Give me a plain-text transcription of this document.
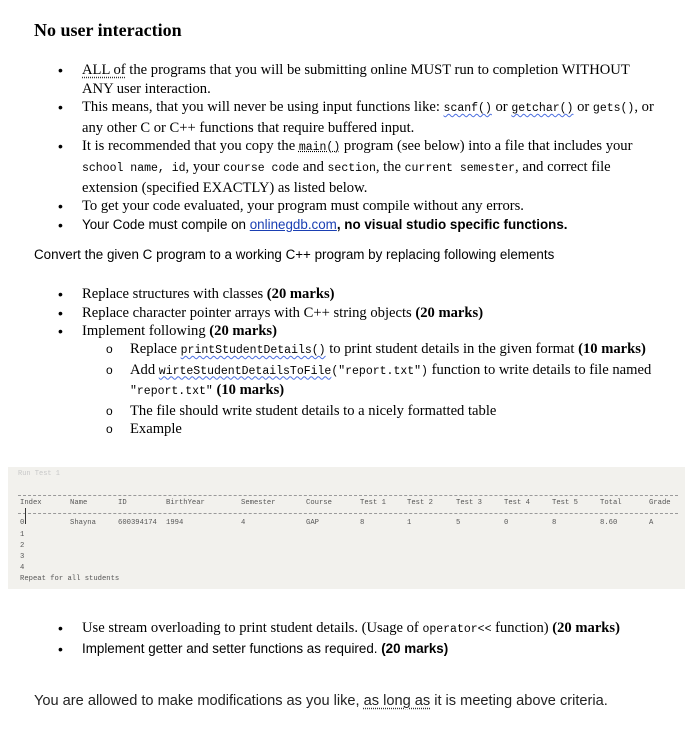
No user interaction
• ALL of the programs that you will be submitting online MUST run to completion WITHOUT ANY user interaction.
• This means, that you will never be using input functions like: scanf() or getchar() or gets(), or any other C or C++ functions that require buffered input.
• It is recommended that you copy the main() program (see below) into a file that includes your school name, id, your course code and section, the current semester, and correct file extension (specified EXACTLY) as listed below.
• To get your code evaluated, your program must compile without any errors.
• Your Code must compile on onlinegdb.com, no visual studio specific functions.
Convert the given C program to a working C++ program by replacing following elements
• Replace structures with classes (20 marks)
• Replace character pointer arrays with C++ string objects (20 marks)
• Implement following (20 marks)
o Replace printStudentDetails() to print student details in the given format (10 marks)
o Add wirteStudentDetailsToFile("report.txt") function to write details to file named "report.txt" (10 marks)
o The file should write student details to a nicely formatted table
o Example
Run Test 1
Index	Name	ID	BirthYear	Semester	Course	Test 1	Test 2	Test 3	Test 4	Test 5	Total	Grade
0	Shayna	600394174 1994	4	GAP	8	1	5	0	8	8.60	A
1
2
3
4
Repeat for all students
• Use stream overloading to print student details. (Usage of operator<< function) (20 marks)
• Implement getter and setter functions as required. (20 marks)
You are allowed to make modifications as you like, as long as it is meeting above criteria.
